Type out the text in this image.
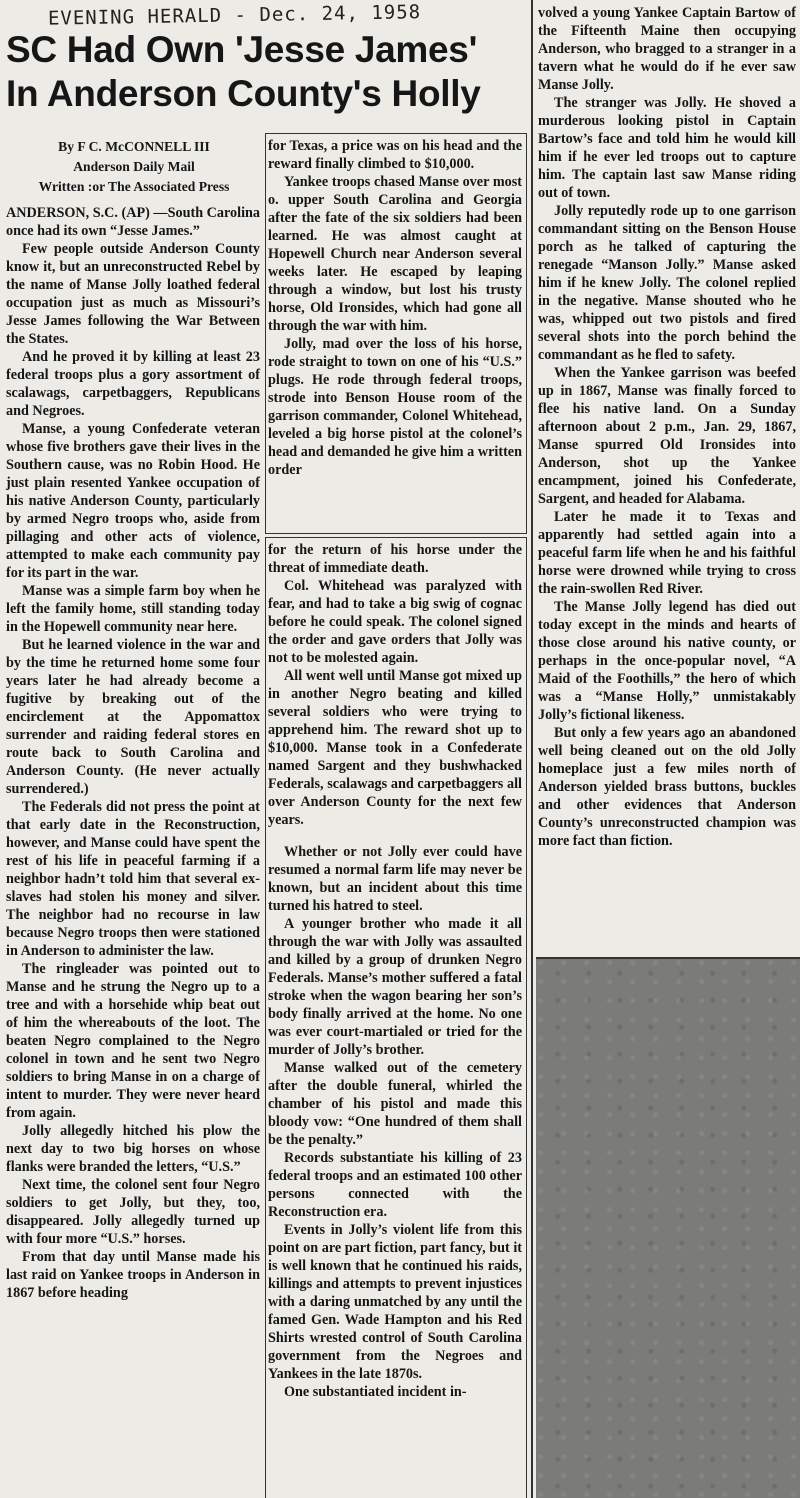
EVENING HERALD - Dec. 24, 1958
SC Had Own 'Jesse James'
In Anderson County's Holly
By F C. McCONNELL III
Anderson Daily Mail
Written :or The Associated Press

ANDERSON, S.C. (AP) —South Carolina once had its own “Jesse James.”

Few people outside Anderson County know it, but an unreconstructed Rebel by the name of Manse Jolly loathed federal occupation just as much as Missouri’s Jesse James following the War Between the States.

And he proved it by killing at least 23 federal troops plus a gory assortment of scalawags, carpetbaggers, Republicans and Negroes.

Manse, a young Confederate veteran whose five brothers gave their lives in the Southern cause, was no Robin Hood. He just plain resented Yankee occupation of his native Anderson County, particularly by armed Negro troops who, aside from pillaging and other acts of violence, attempted to make each community pay for its part in the war.

Manse was a simple farm boy when he left the family home, still standing today in the Hopewell community near here.

But he learned violence in the war and by the time he returned home some four years later he had already become a fugitive by breaking out of the encirclement at the Appomattox surrender and raiding federal stores en route back to South Carolina and Anderson County. (He never actually surrendered.)

The Federals did not press the point at that early date in the Reconstruction, however, and Manse could have spent the rest of his life in peaceful farming if a neighbor hadn’t told him that several ex-slaves had stolen his money and silver. The neighbor had no recourse in law because Negro troops then were stationed in Anderson to administer the law.

The ringleader was pointed out to Manse and he strung the Negro up to a tree and with a horsehide whip beat out of him the whereabouts of the loot. The beaten Negro complained to the Negro colonel in town and he sent two Negro soldiers to bring Manse in on a charge of intent to murder. They were never heard from again.

Jolly allegedly hitched his plow the next day to two big horses on whose flanks were branded the letters, “U.S.”

Next time, the colonel sent four Negro soldiers to get Jolly, but they, too, disappeared. Jolly allegedly turned up with four more “U.S.” horses.

From that day until Manse made his last raid on Yankee troops in Anderson in 1867 before heading

for Texas, a price was on his head and the reward finally climbed to $10,000.

Yankee troops chased Manse over most o. upper South Carolina and Georgia after the fate of the six soldiers had been learned. He was almost caught at Hopewell Church near Anderson several weeks later. He escaped by leaping through a window, but lost his trusty horse, Old Ironsides, which had gone all through the war with him.

Jolly, mad over the loss of his horse, rode straight to town on one of his “U.S.” plugs. He rode through federal troops, strode into Benson House room of the garrison commander, Colonel Whitehead, leveled a big horse pistol at the colonel’s head and demanded he give him a written order

for the return of his horse under the threat of immediate death.

Col. Whitehead was paralyzed with fear, and had to take a big swig of cognac before he could speak. The colonel signed the order and gave orders that Jolly was not to be molested again.

All went well until Manse got mixed up in another Negro beating and killed several soldiers who were trying to apprehend him. The reward shot up to $10,000. Manse took in a Confederate named Sargent and they bushwhacked Federals, scalawags and carpetbaggers all over Anderson County for the next few years.

Whether or not Jolly ever could have resumed a normal farm life may never be known, but an incident about this time turned his hatred to steel.

A younger brother who made it all through the war with Jolly was assaulted and killed by a group of drunken Negro Federals. Manse’s mother suffered a fatal stroke when the wagon bearing her son’s body finally arrived at the home. No one was ever court-martialed or tried for the murder of Jolly’s brother.

Manse walked out of the cemetery after the double funeral, whirled the chamber of his pistol and made this bloody vow: “One hundred of them shall be the penalty.”

Records substantiate his killing of 23 federal troops and an estimated 100 other persons connected with the Reconstruction era.

Events in Jolly’s violent life from this point on are part fiction, part fancy, but it is well known that he continued his raids, killings and attempts to prevent injustices with a daring unmatched by any until the famed Gen. Wade Hampton and his Red Shirts wrested control of South Carolina government from the Negroes and Yankees in the late 1870s.

One substantiated incident in-

volved a young Yankee Captain Bartow of the Fifteenth Maine then occupying Anderson, who bragged to a stranger in a tavern what he would do if he ever saw Manse Jolly.

The stranger was Jolly. He shoved a murderous looking pistol in Captain Bartow’s face and told him he would kill him if he ever led troops out to capture him. The captain last saw Manse riding out of town.

Jolly reputedly rode up to one garrison commandant sitting on the Benson House porch as he talked of capturing the renegade “Manson Jolly.” Manse asked him if he knew Jolly. The colonel replied in the negative. Manse shouted who he was, whipped out two pistols and fired several shots into the porch behind the commandant as he fled to safety.

When the Yankee garrison was beefed up in 1867, Manse was finally forced to flee his native land. On a Sunday afternoon about 2 p.m., Jan. 29, 1867, Manse spurred Old Ironsides into Anderson, shot up the Yankee encampment, joined his Confederate, Sargent, and headed for Alabama.

Later he made it to Texas and apparently had settled again into a peaceful farm life when he and his faithful horse were drowned while trying to cross the rain-swollen Red River.

The Manse Jolly legend has died out today except in the minds and hearts of those close around his native county, or perhaps in the once-popular novel, “A Maid of the Foothills,” the hero of which was a “Manse Holly,” unmistakably Jolly’s fictional likeness.

But only a few years ago an abandoned well being cleaned out on the old Jolly homeplace just a few miles north of Anderson yielded brass buttons, buckles and other evidences that Anderson County’s unreconstructed champion was more fact than fiction.
